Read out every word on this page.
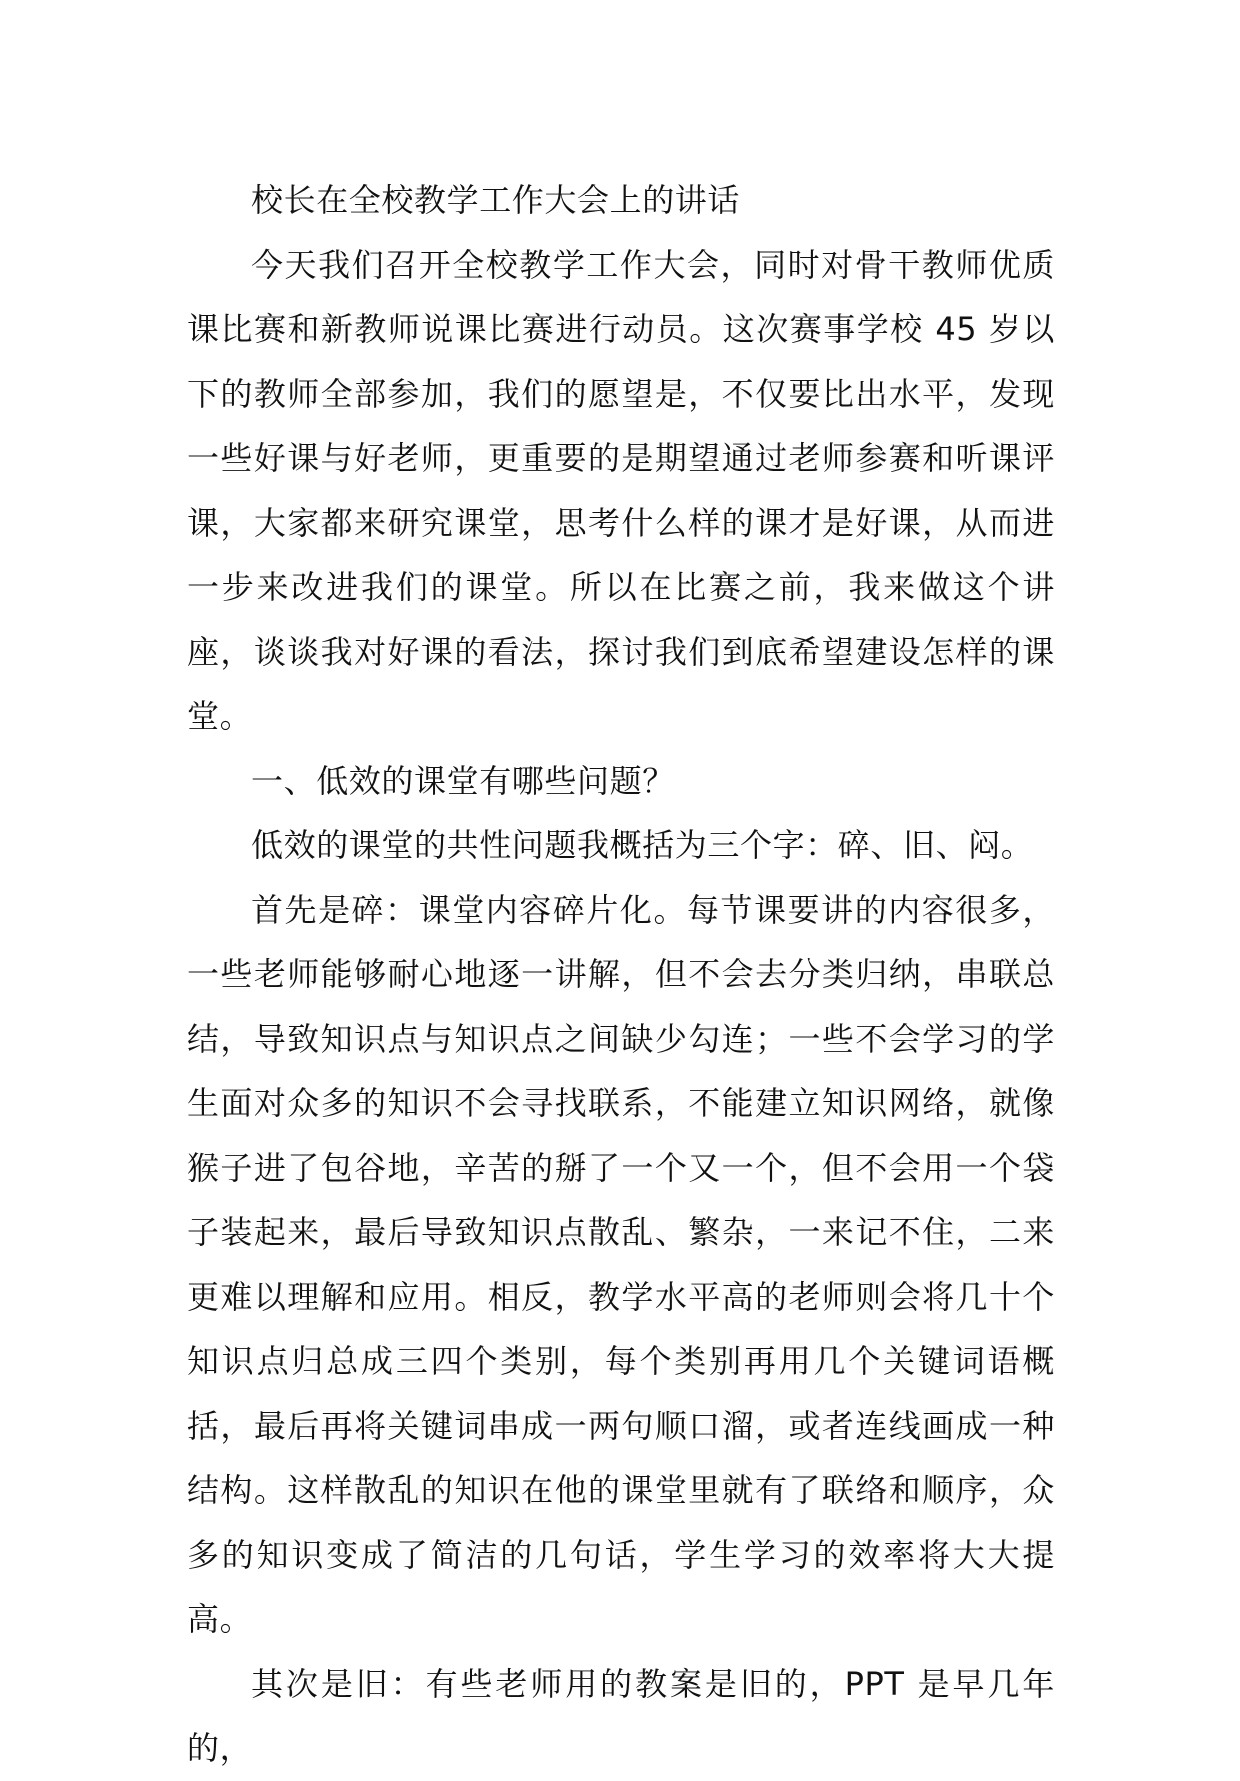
校长在全校教学工作大会上的讲话

今天我们召开全校教学工作大会，同时对骨干教师优质课比赛和新教师说课比赛进行动员。这次赛事学校 45 岁以下的教师全部参加，我们的愿望是，不仅要比出水平，发现一些好课与好老师，更重要的是期望通过老师参赛和听课评课，大家都来研究课堂，思考什么样的课才是好课，从而进一步来改进我们的课堂。所以在比赛之前，我来做这个讲座，谈谈我对好课的看法，探讨我们到底希望建设怎样的课堂。

一、低效的课堂有哪些问题？

低效的课堂的共性问题我概括为三个字：碎、旧、闷。

首先是碎：课堂内容碎片化。每节课要讲的内容很多，一些老师能够耐心地逐一讲解，但不会去分类归纳，串联总结，导致知识点与知识点之间缺少勾连；一些不会学习的学生面对众多的知识不会寻找联系，不能建立知识网络，就像猴子进了包谷地，辛苦的掰了一个又一个，但不会用一个袋子装起来，最后导致知识点散乱、繁杂，一来记不住，二来更难以理解和应用。相反，教学水平高的老师则会将几十个知识点归总成三四个类别，每个类别再用几个关键词语概括，最后再将关键词串成一两句顺口溜，或者连线画成一种结构。这样散乱的知识在他的课堂里就有了联络和顺序，众多的知识变成了简洁的几句话，学生学习的效率将大大提高。

其次是旧：有些老师用的教案是旧的，PPT 是早几年的，
